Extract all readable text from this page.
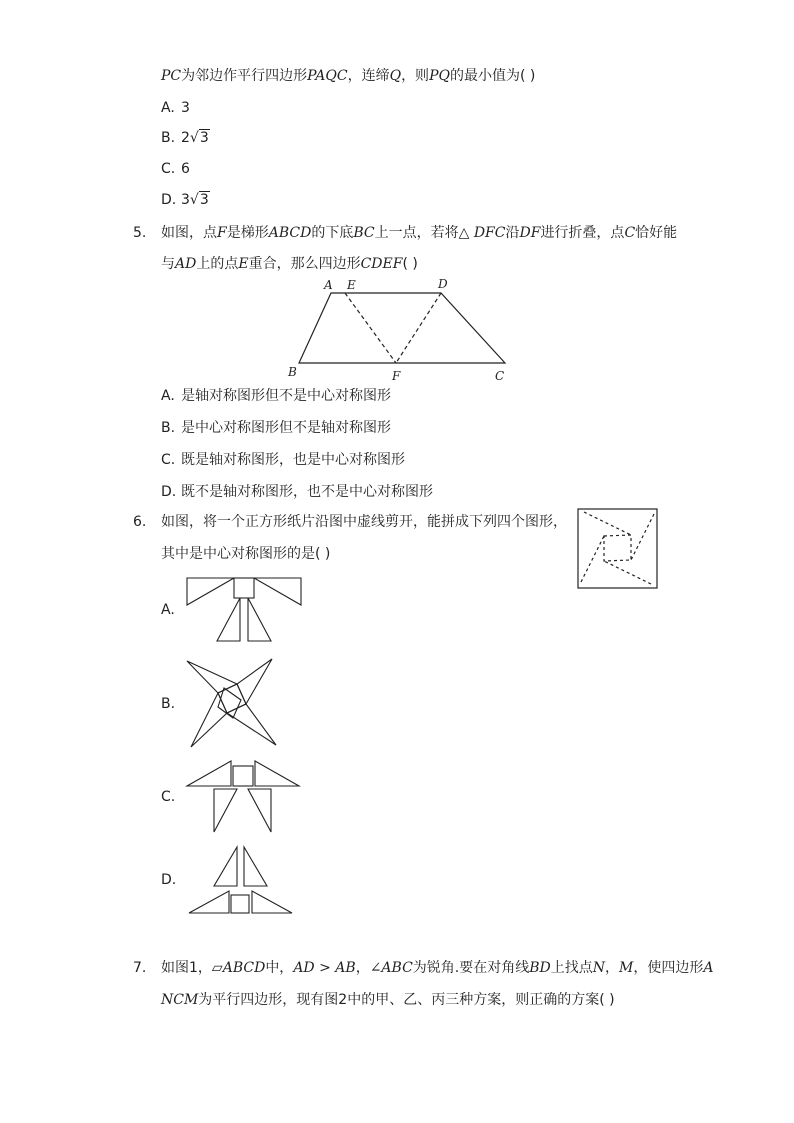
PC为邻边作平行四边形PAQC，连缔Q，则PQ的最小值为( )
A. 3
B. 2√3
C. 6
D. 3√3
5. 如图，点F是梯形ABCD的下底BC上一点，若将△ DFC沿DF进行折叠，点C恰好能
与AD上的点E重合，那么四边形CDEF( )
A E	D
B	F	C
A. 是轴对称图形但不是中心对称图形
B. 是中心对称图形但不是轴对称图形
C. 既是轴对称图形，也是中心对称图形
D. 既不是轴对称图形，也不是中心对称图形
6. 如图，将一个正方形纸片沿图中虚线剪开，能拼成下列四个图形，
其中是中心对称图形的是( )
A.
B.
C.
D.
7. 如图1，▱ABCD中，AD > AB，∠ABC为锐角.要在对角线BD上找点N，M，使四边形A
NCM为平行四边形，现有图2中的甲、乙、丙三种方案，则正确的方案( )
